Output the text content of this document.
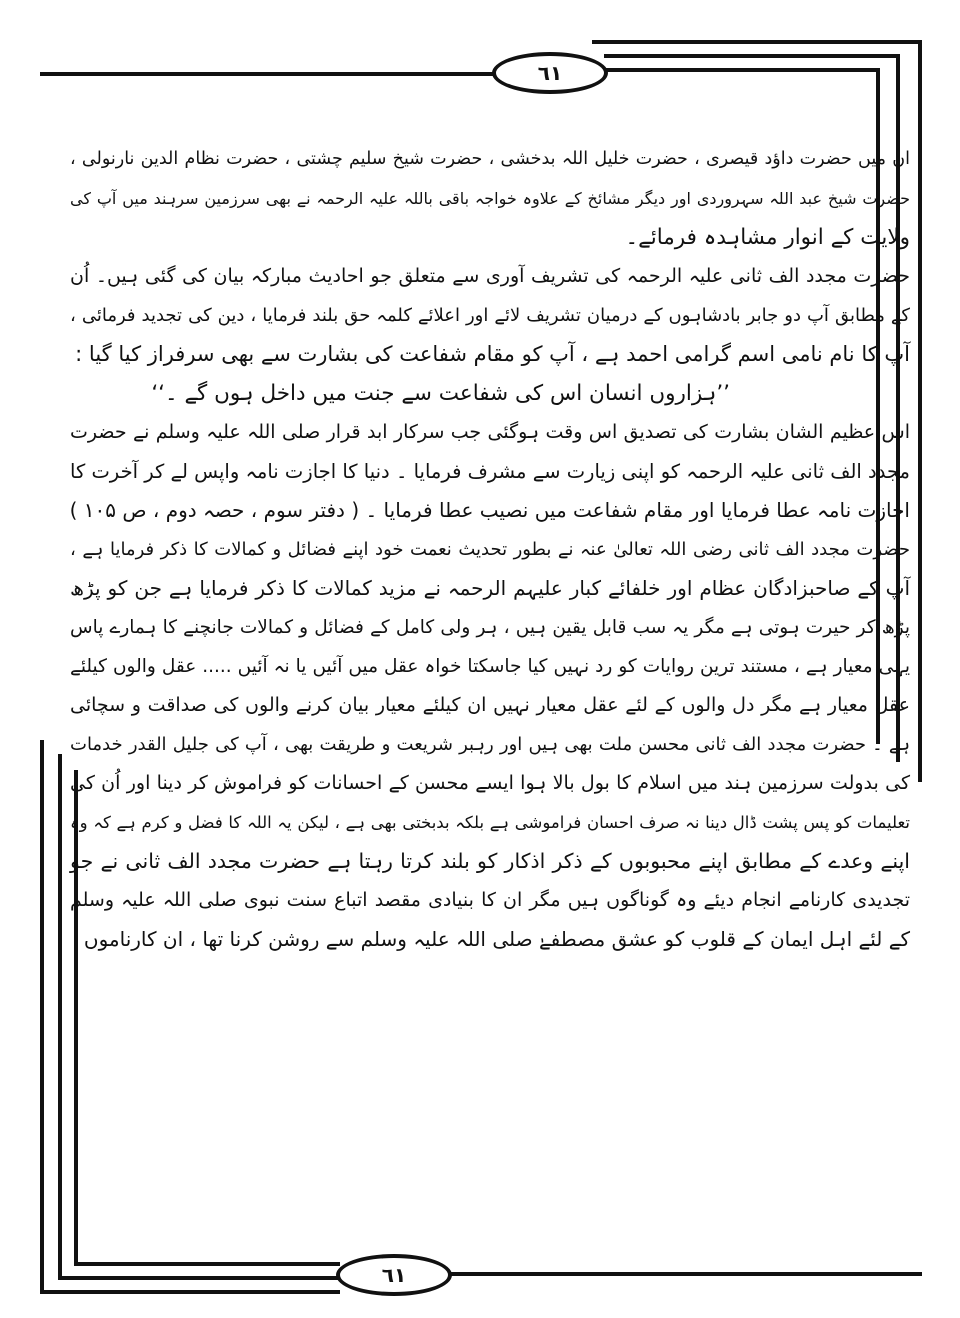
٦١
٦١
ان میں حضرت داؤد قیصری ، حضرت خلیل اللہ بدخشی ، حضرت شیخ سلیم چشتی ، حضرت نظام الدین نارنولی ،
حضرت شیخ عبد اللہ سہروردی اور دیگر مشائخ کے علاوہ خواجہ باقی باللہ علیہ الرحمہ نے بھی سرزمین سرہند میں آپ کی
ولایت کے انوار مشاہدہ فرمائے۔
حضرت مجدد الف ثانی علیہ الرحمہ کی تشریف آوری سے متعلق جو احادیث مبارکہ بیان کی گئی ہیں۔ اُن
کے مطابق آپ دو جابر بادشاہوں کے درمیان تشریف لائے اور اعلائے کلمہ حق بلند فرمایا ، دین کی تجدید فرمائی ،
آپ کا نام نامی اسم گرامی احمد ہے ، آپ کو مقام شفاعت کی بشارت سے بھی سرفراز کیا گیا :
’’ہزاروں انسان اس کی شفاعت سے جنت میں داخل ہوں گے ۔‘‘
اس عظیم الشان بشارت کی تصدیق اس وقت ہوگئی جب سرکار ابد قرار صلی اللہ علیہ وسلم نے حضرت
مجدد الف ثانی علیہ الرحمہ کو اپنی زیارت سے مشرف فرمایا ۔ دنیا کا اجازت نامہ واپس لے کر آخرت کا
اجازت نامہ عطا فرمایا اور مقام شفاعت میں نصیب عطا فرمایا ۔ ( دفتر سوم ، حصہ دوم ، ص ۱۰۵ )
حضرت مجدد الف ثانی رضی اللہ تعالیٰ عنہ نے بطور تحدیث نعمت خود اپنے فضائل و کمالات کا ذکر فرمایا ہے ،
آپ کے صاحبزادگان عظام اور خلفائے کبار علیہم الرحمہ نے مزید کمالات کا ذکر فرمایا ہے جن کو پڑھ
پڑھ کر حیرت ہوتی ہے مگر یہ سب قابل یقین ہیں ، ہر ولی کامل کے فضائل و کمالات جانچنے کا ہمارے پاس
یہی معیار ہے ، مستند ترین روایات کو رد نہیں کیا جاسکتا خواہ عقل میں آئیں یا نہ آئیں ..... عقل والوں کیلئے
عقل معیار ہے مگر دل والوں کے لئے عقل معیار نہیں ان کیلئے معیار بیان کرنے والوں کی صداقت و سچائی
ہے ۔ حضرت مجدد الف ثانی محسن ملت بھی ہیں اور رہبر شریعت و طریقت بھی ، آپ کی جلیل القدر خدمات
کی بدولت سرزمین ہند میں اسلام کا بول بالا ہوا ایسے محسن کے احسانات کو فراموش کر دینا اور اُن کی
تعلیمات کو پس پشت ڈال دینا نہ صرف احسان فراموشی ہے بلکہ بدبختی بھی ہے ، لیکن یہ اللہ کا فضل و کرم ہے کہ وہ
اپنے وعدے کے مطابق اپنے محبوبوں کے ذکر اذکار کو بلند کرتا رہتا ہے حضرت مجدد الف ثانی نے جو
تجدیدی کارنامے انجام دیئے وہ گوناگوں ہیں مگر ان کا بنیادی مقصد اتباع سنت نبوی صلی اللہ علیہ وسلم
کے لئے اہل ایمان کے قلوب کو عشق مصطفےٰ صلی اللہ علیہ وسلم سے روشن کرنا تھا ، ان کارناموں
